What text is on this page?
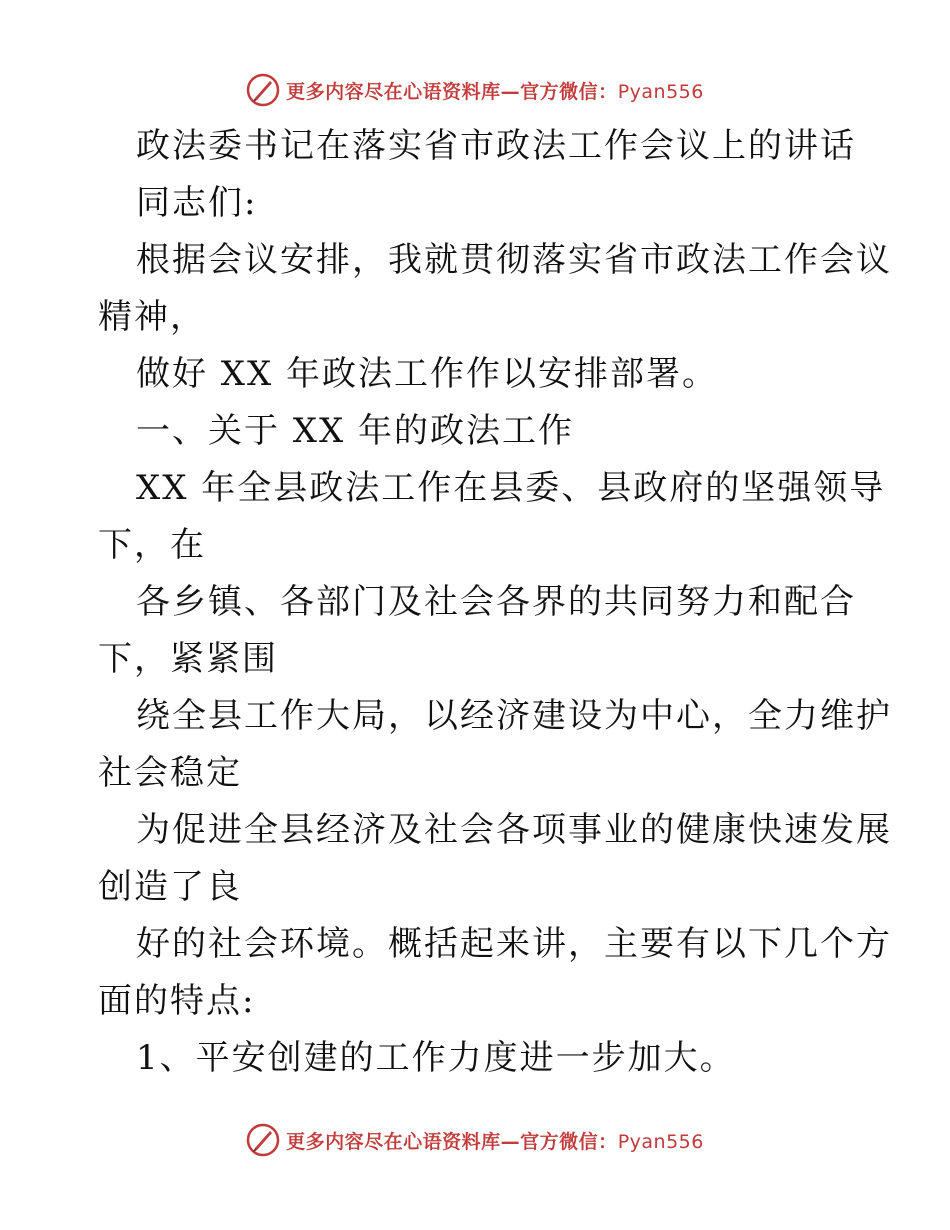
更多内容尽在心语资料库—官方微信：Pyan556

政法委书记在落实省市政法工作会议上的讲话

同志们:

根据会议安排，我就贯彻落实省市政法工作会议

精神，

做好 XX 年政法工作作以安排部署。

一、关于 XX 年的政法工作

XX 年全县政法工作在县委、县政府的坚强领导

下，在

各乡镇、各部门及社会各界的共同努力和配合

下，紧紧围

绕全县工作大局，以经济建设为中心，全力维护

社会稳定

为促进全县经济及社会各项事业的健康快速发展

创造了良

好的社会环境。概括起来讲，主要有以下几个方

面的特点:

1、平安创建的工作力度进一步加大。

更多内容尽在心语资料库—官方微信：Pyan556
